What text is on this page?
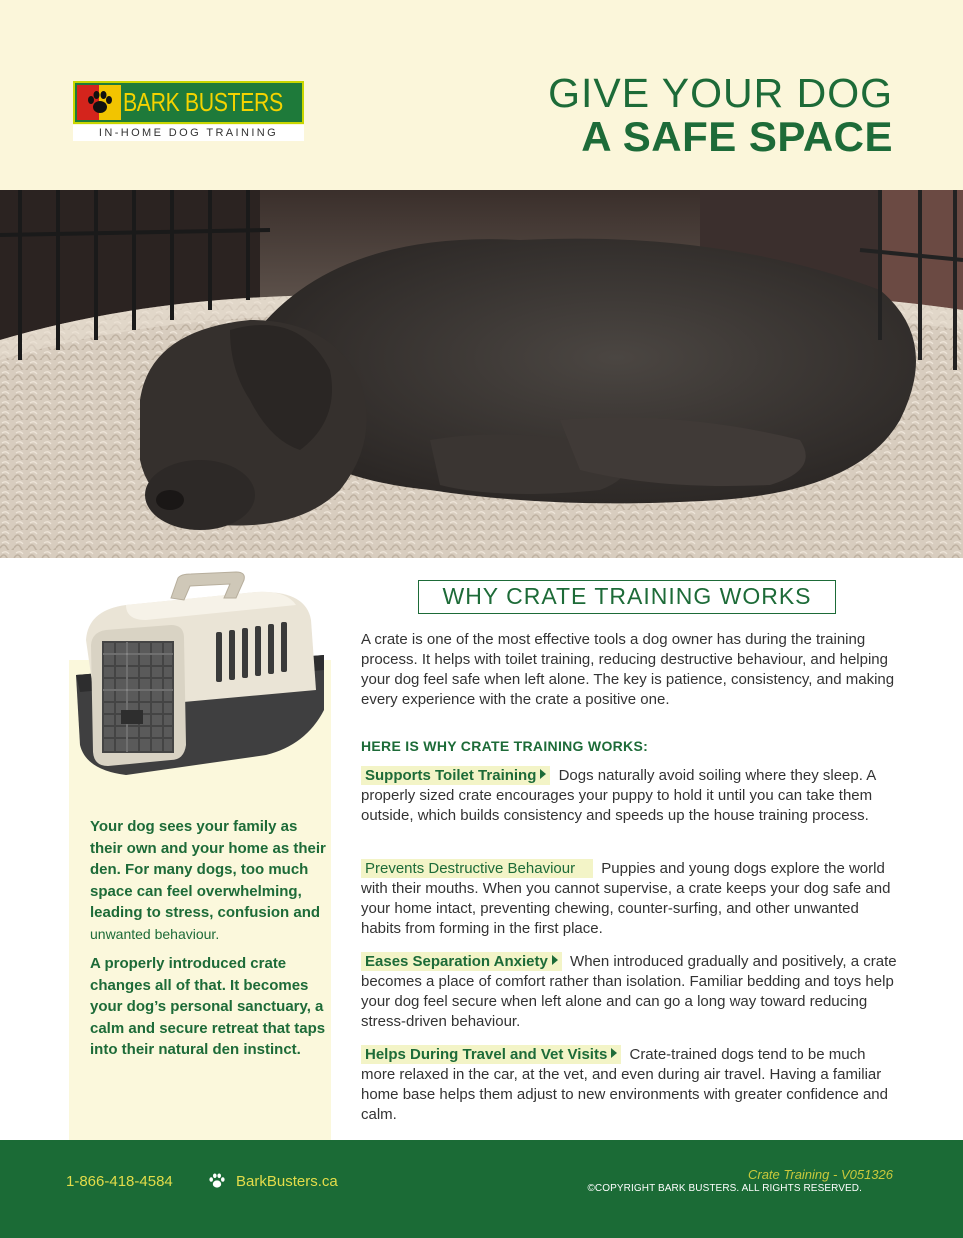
BARK BUSTERS
IN-HOME DOG TRAINING
GIVE YOUR DOG
A SAFE SPACE

Your dog sees your family as their own and your home as their den. For many dogs, too much space can feel overwhelming, leading to stress, confusion and unwanted behaviour.

A properly introduced crate changes all of that. It becomes your dog’s personal sanctuary, a calm and secure retreat that taps into their natural den instinct.

WHY CRATE TRAINING WORKS

A crate is one of the most effective tools a dog owner has during the training process. It helps with toilet training, reducing destructive behaviour, and helping your dog feel safe when left alone. The key is patience, consistency, and making every experience with the crate a positive one.

HERE IS WHY CRATE TRAINING WORKS:

Supports Toilet Training Dogs naturally avoid soiling where they sleep. A properly sized crate encourages your puppy to hold it until you can take them outside, which builds consistency and speeds up the house training process.

Prevents Destructive Behaviour Puppies and young dogs explore the world with their mouths. When you cannot supervise, a crate keeps your dog safe and your home intact, preventing chewing, counter-surfing, and other unwanted habits from forming in the first place.

Eases Separation Anxiety When introduced gradually and positively, a crate becomes a place of comfort rather than isolation. Familiar bedding and toys help your dog feel secure when left alone and can go a long way toward reducing stress-driven behaviour.

Helps During Travel and Vet Visits Crate-trained dogs tend to be much more relaxed in the car, at the vet, and even during air travel. Having a familiar home base helps them adjust to new environments with greater confidence and calm.

1-866-418-4584	BarkBusters.ca	Crate Training - V051326
©COPYRIGHT BARK BUSTERS. ALL RIGHTS RESERVED.
